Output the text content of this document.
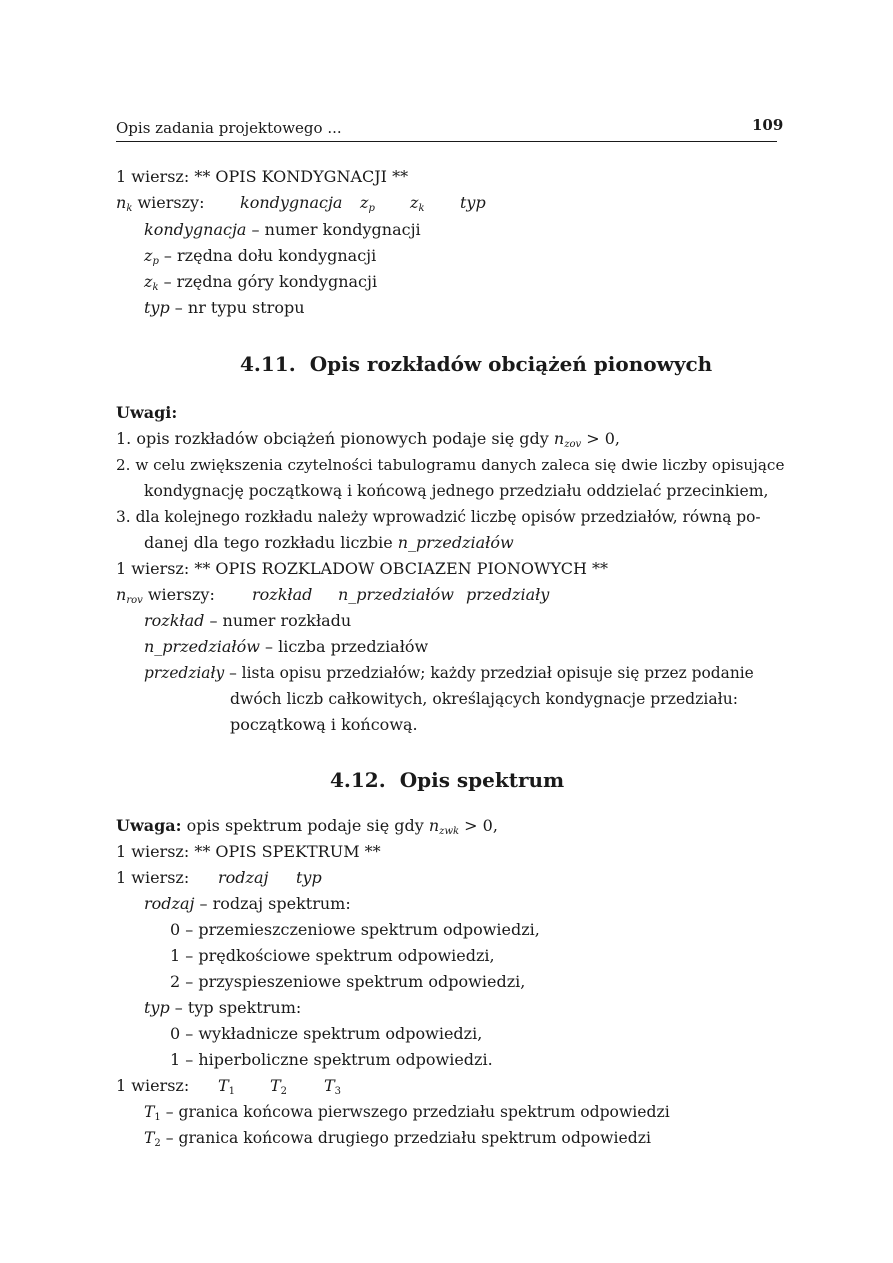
Opis zadania projektowego ...	109
1 wiersz: ** OPIS KONDYGNACJI **
$n_k$ wierszy: kondygnacja $z_p$ $z_k$ typ
kondygnacja – numer kondygnacji
$z_p$ – rzędna dołu kondygnacji
$z_k$ – rzędna góry kondygnacji
typ – nr typu stropu
4.11. Opis rozkładów obciążeń pionowych
Uwagi:
1. opis rozkładów obciążeń pionowych podaje się gdy $n_{zov} > 0$,
2. w celu zwiększenia czytelności tabulogramu danych zaleca się dwie liczby opisujące
kondygnację początkową i końcową jednego przedziału oddzielać przecinkiem,
3. dla kolejnego rozkładu należy wprowadzić liczbę opisów przedziałów, równą po-
danej dla tego rozkładu liczbie n_przedziałów
1 wiersz: ** OPIS ROZKLADOW OBCIAZEN PIONOWYCH **
$n_{rov}$ wierszy: rozkład n_przedziałów przedziały
rozkład – numer rozkładu
n_przedziałów – liczba przedziałów
przedziały – lista opisu przedziałów; każdy przedział opisuje się przez podanie
dwóch liczb całkowitych, określających kondygnacje przedziału:
początkową i końcową.
4.12. Opis spektrum
Uwaga: opis spektrum podaje się gdy $n_{zwk} > 0$,
1 wiersz: ** OPIS SPEKTRUM **
1 wiersz: rodzaj typ
rodzaj – rodzaj spektrum:
0 – przemieszczeniowe spektrum odpowiedzi,
1 – prędkościowe spektrum odpowiedzi,
2 – przyspieszeniowe spektrum odpowiedzi,
typ – typ spektrum:
0 – wykładnicze spektrum odpowiedzi,
1 – hiperboliczne spektrum odpowiedzi.
1 wiersz: $T_1$ $T_2$ $T_3$
$T_1$ – granica końcowa pierwszego przedziału spektrum odpowiedzi
$T_2$ – granica końcowa drugiego przedziału spektrum odpowiedzi
